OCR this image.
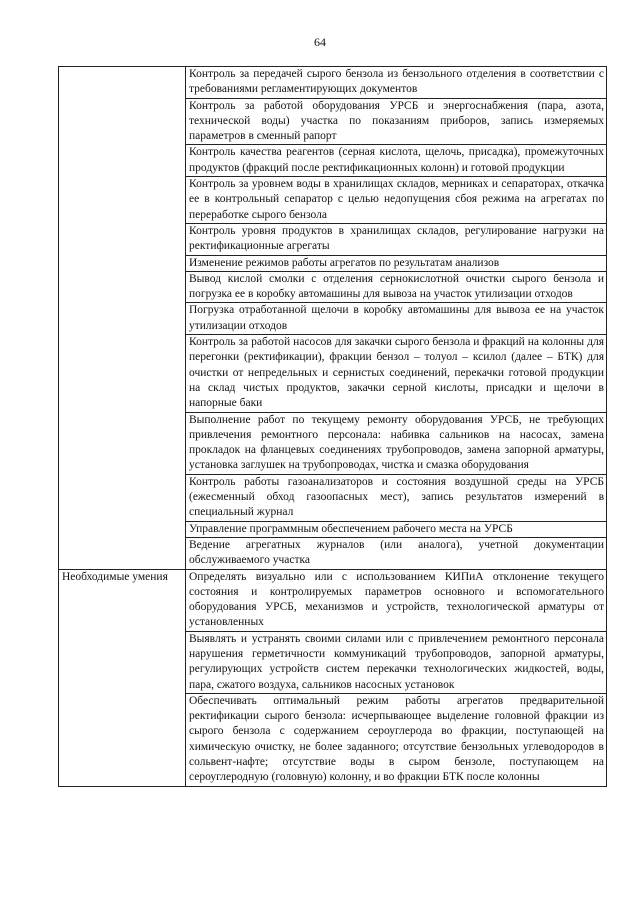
64
	Контроль за передачей сырого бензола из бензольного отделения в соответствии с требованиями регламентирующих документов
	Контроль за работой оборудования УРСБ и энергоснабжения (пара, азота, технической воды) участка по показаниям приборов, запись измеряемых параметров в сменный рапорт
	Контроль качества реагентов (серная кислота, щелочь, присадка), промежуточных продуктов (фракций после ректификационных колонн) и готовой продукции
	Контроль за уровнем воды в хранилищах складов, мерниках и сепараторах, откачка ее в контрольный сепаратор с целью недопущения сбоя режима на агрегатах по переработке сырого бензола
	Контроль уровня продуктов в хранилищах складов, регулирование нагрузки на ректификационные агрегаты
	Изменение режимов работы агрегатов по результатам анализов
	Вывод кислой смолки с отделения сернокислотной очистки сырого бензола и погрузка ее в коробку автомашины для вывоза на участок утилизации отходов
	Погрузка отработанной щелочи в коробку автомашины для вывоза ее на участок утилизации отходов
	Контроль за работой насосов для закачки сырого бензола и фракций на колонны для перегонки (ректификации), фракции бензол – толуол – ксилол (далее – БТК) для очистки от непредельных и сернистых соединений, перекачки готовой продукции на склад чистых продуктов, закачки серной кислоты, присадки и щелочи в напорные баки
	Выполнение работ по текущему ремонту оборудования УРСБ, не требующих привлечения ремонтного персонала: набивка сальников на насосах, замена прокладок на фланцевых соединениях трубопроводов, замена запорной арматуры, установка заглушек на трубопроводах, чистка и смазка оборудования
	Контроль работы газоанализаторов и состояния воздушной среды на УРСБ (ежесменный обход газоопасных мест), запись результатов измерений в специальный журнал
	Управление программным обеспечением рабочего места на УРСБ
	Ведение агрегатных журналов (или аналога), учетной документации обслуживаемого участка
Необходимые умения	Определять визуально или с использованием КИПиА отклонение текущего состояния и контролируемых параметров основного и вспомогательного оборудования УРСБ, механизмов и устройств, технологической арматуры от установленных
	Выявлять и устранять своими силами или с привлечением ремонтного персонала нарушения герметичности коммуникаций трубопроводов, запорной арматуры, регулирующих устройств систем перекачки технологических жидкостей, воды, пара, сжатого воздуха, сальников насосных установок
	Обеспечивать оптимальный режим работы агрегатов предварительной ректификации сырого бензола: исчерпывающее выделение головной фракции из сырого бензола с содержанием сероуглерода во фракции, поступающей на химическую очистку, не более заданного; отсутствие бензольных углеводородов в сольвент-нафте; отсутствие воды в сыром бензоле, поступающем на сероуглеродную (головную) колонну, и во фракции БТК после колонны
